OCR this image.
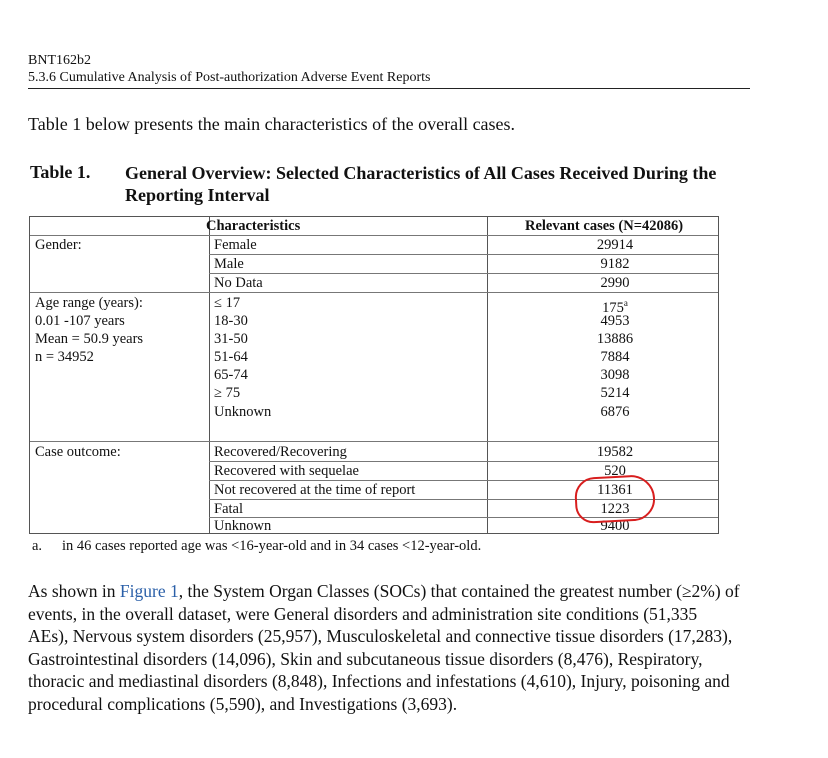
BNT162b2
5.3.6 Cumulative Analysis of Post-authorization Adverse Event Reports
Table 1 below presents the main characteristics of the overall cases.
Table 1. General Overview: Selected Characteristics of All Cases Received During the Reporting Interval
Characteristics	Relevant cases (N=42086)
Gender:	Female	29914
Male	9182
No Data	2990
Age range (years):
0.01 -107 years
Mean = 50.9 years
n = 34952
≤ 17	175$^a$
18-30	4953
31-50	13886
51-64	7884
65-74	3098
≥ 75	5214
Unknown	6876
Case outcome:	Recovered/Recovering	19582
Recovered with sequelae	520
Not recovered at the time of report	11361
Fatal	1223
Unknown	9400
a. in 46 cases reported age was <16-year-old and in 34 cases <12-year-old.
As shown in Figure 1, the System Organ Classes (SOCs) that contained the greatest number (≥2%) of events, in the overall dataset, were General disorders and administration site conditions (51,335 AEs), Nervous system disorders (25,957), Musculoskeletal and connective tissue disorders (17,283), Gastrointestinal disorders (14,096), Skin and subcutaneous tissue disorders (8,476), Respiratory, thoracic and mediastinal disorders (8,848), Infections and infestations (4,610), Injury, poisoning and procedural complications (5,590), and Investigations (3,693).
